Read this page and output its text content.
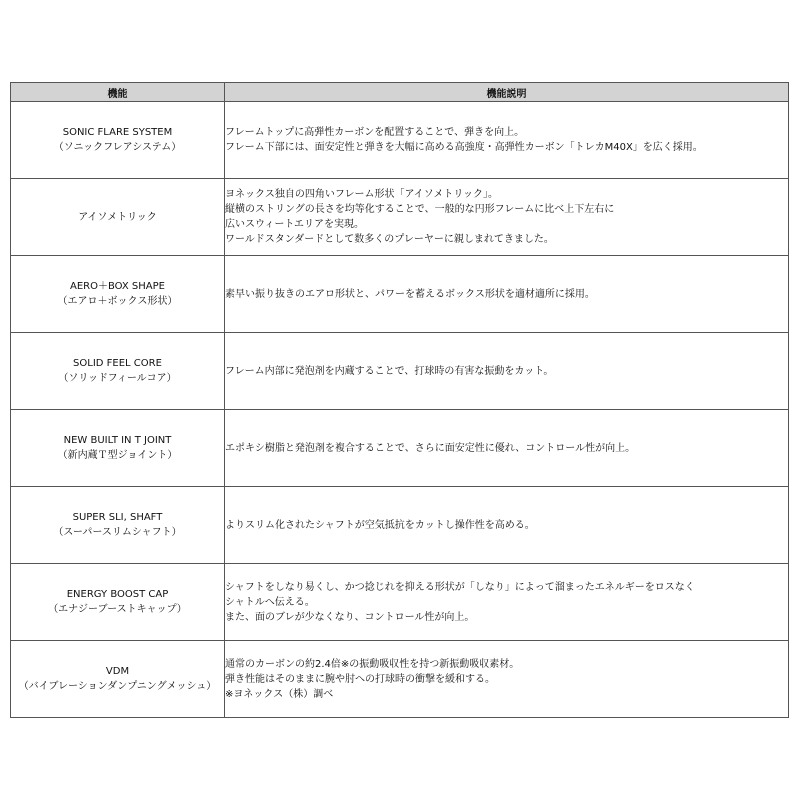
機能	機能説明

SONIC FLARE SYSTEM
（ソニックフレアシステム）	フレームトップに高弾性カーボンを配置することで、弾きを向上。
フレーム下部には、面安定性と弾きを大幅に高める高強度・高弾性カーボン「トレカM40X」を広く採用。

アイソメトリック	ヨネックス独自の四角いフレーム形状「アイソメトリック」。
縦横のストリングの長さを均等化することで、一般的な円形フレームに比べ上下左右に
広いスウィートエリアを実現。
ワールドスタンダードとして数多くのプレーヤーに親しまれてきました。

AERO＋BOX SHAPE
（エアロ＋ボックス形状）	素早い振り抜きのエアロ形状と、パワーを蓄えるボックス形状を適材適所に採用。

SOLID FEEL CORE
（ソリッドフィールコア）	フレーム内部に発泡剤を内蔵することで、打球時の有害な振動をカット。

NEW BUILT IN T JOINT
（新内蔵Ｔ型ジョイント）	エポキシ樹脂と発泡剤を複合することで、さらに面安定性に優れ、コントロール性が向上。

SUPER SLI, SHAFT
（スーパースリムシャフト）	よりスリム化されたシャフトが空気抵抗をカットし操作性を高める。

ENERGY BOOST CAP
（エナジーブーストキャップ）	シャフトをしなり易くし、かつ捻じれを抑える形状が「しなり」によって溜まったエネルギーをロスなく
シャトルへ伝える。
また、面のブレが少なくなり、コントロール性が向上。

VDM
（バイブレーションダンプニングメッシュ）	通常のカーボンの約2.4倍※の振動吸収性を持つ新振動吸収素材。
弾き性能はそのままに腕や肘への打球時の衝撃を緩和する。
※ヨネックス（株）調べ
